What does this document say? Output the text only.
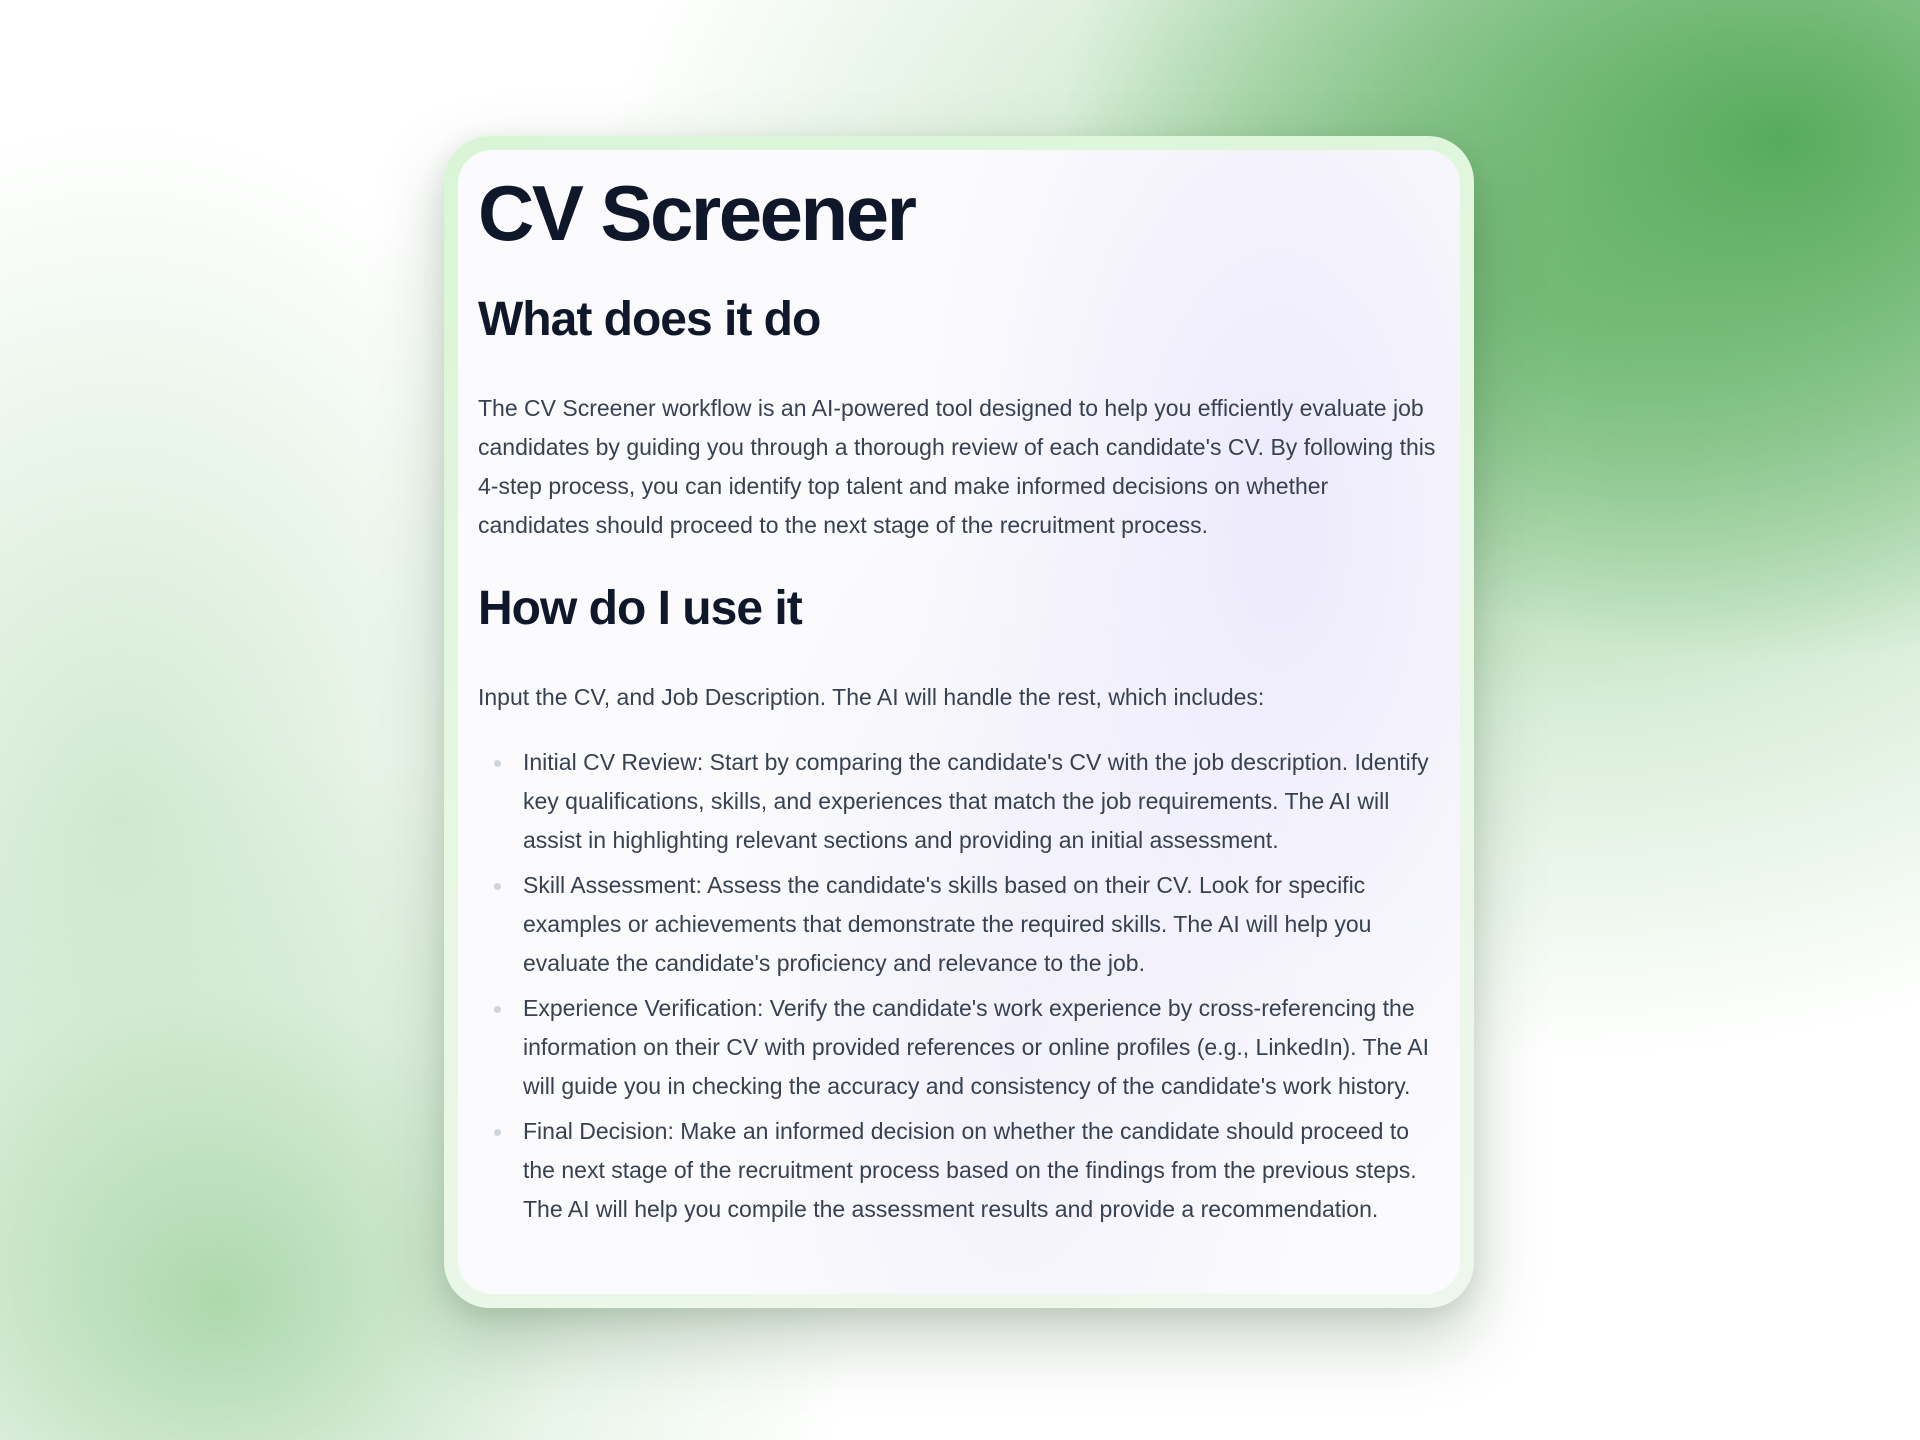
CV Screener
What does it do

The CV Screener workflow is an AI-powered tool designed to help you efficiently evaluate job candidates by guiding you through a thorough review of each candidate's CV. By following this 4-step process, you can identify top talent and make informed decisions on whether candidates should proceed to the next stage of the recruitment process.

How do I use it

Input the CV, and Job Description. The AI will handle the rest, which includes:

Initial CV Review: Start by comparing the candidate's CV with the job description. Identify key qualifications, skills, and experiences that match the job requirements. The AI will assist in highlighting relevant sections and providing an initial assessment.
Skill Assessment: Assess the candidate's skills based on their CV. Look for specific examples or achievements that demonstrate the required skills. The AI will help you evaluate the candidate's proficiency and relevance to the job.
Experience Verification: Verify the candidate's work experience by cross-referencing the information on their CV with provided references or online profiles (e.g., LinkedIn). The AI will guide you in checking the accuracy and consistency of the candidate's work history.
Final Decision: Make an informed decision on whether the candidate should proceed to the next stage of the recruitment process based on the findings from the previous steps. The AI will help you compile the assessment results and provide a recommendation.
